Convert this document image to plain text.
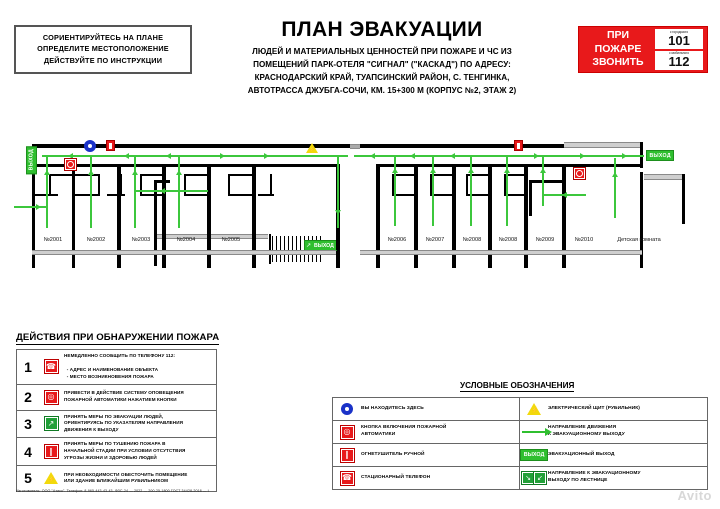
СОРИЕНТИРУЙТЕСЬ НА ПЛАНЕ
ОПРЕДЕЛИТЕ МЕСТОПОЛОЖЕНИЕ
ДЕЙСТВУЙТЕ ПО ИНСТРУКЦИИ
ПЛАН ЭВАКУАЦИИ
ЛЮДЕЙ И МАТЕРИАЛЬНЫХ ЦЕННОСТЕЙ ПРИ ПОЖАРЕ И ЧС ИЗ
ПОМЕЩЕНИЙ ПАРК-ОТЕЛЯ "СИГНАЛ" ("КАСКАД") ПО АДРЕСУ:
КРАСНОДАРСКИЙ КРАЙ, ТУАПСИНСКИЙ РАЙОН, С. ТЕНГИНКА,
АВТОТРАССА ДЖУБГА-СОЧИ, КМ. 15+300 М (КОРПУС №2, ЭТАЖ 2)
ПРИ
ПОЖАРЕ
ЗВОНИТЬ
с городского
101
с мобильного
112
ВЫХОД	ВЫХОД
↗ ВЫХОД
⚡
№2001	№2002	№2003	№2004	№2005	№2006	№2007	№2008	№2008	№2009	№2010	Детская комната
ДЕЙСТВИЯ ПРИ ОБНАРУЖЕНИИ ПОЖАРА
1	☎
НЕМЕДЛЕННО СООБЩИТЬ ПО ТЕЛЕФОНУ 112:

- АДРЕС И НАИМЕНОВАНИЕ ОБЪЕКТА
- МЕСТО ВОЗНИКНОВЕНИЯ ПОЖАРА
2	◎ ПРИВЕСТИ В ДЕЙСТВИЕ СИСТЕМУ ОПОВЕЩЕНИЯ
ПОЖАРНОЙ АВТОМАТИКИ НАЖАТИЕМ КНОПКИ
3	↗
ПРИНЯТЬ МЕРЫ ПО ЭВАКУАЦИИ ЛЮДЕЙ,
ОРИЕНТИРУЯСЬ ПО УКАЗАТЕЛЯМ НАПРАВЛЕНИЯ
ДВИЖЕНИЯ К ВЫХОДУ
4	❙
ПРИНЯТЬ МЕРЫ ПО ТУШЕНИЮ ПОЖАРА В
НАЧАЛЬНОЙ СТАДИИ ПРИ УСЛОВИИ ОТСУТСТВИЯ
УГРОЗЫ ЖИЗНИ И ЗДОРОВЬЮ ЛЮДЕЙ
5 ⚡	ПРИ НЕОБХОДИМОСТИ ОБЕСТОЧИТЬ ПОМЕЩЕНИЕ
ИЛИ ЗДАНИЕ БЛИЖАЙШИМ РУБИЛЬНИКОМ
УСЛОВНЫЕ ОБОЗНАЧЕНИЯ
ВЫ НАХОДИТЕСЬ ЗДЕСЬ
◎ КНОПКА ВКЛЮЧЕНИЯ ПОЖАРНОЙ
АВТОМАТИКИ
❙ ОГНЕТУШИТЕЛЬ РУЧНОЙ
☎ СТАЦИОНАРНЫЙ ТЕЛЕФОН
⚡
ЭЛЕКТРИЧЕСКИЙ ЩИТ (РУБИЛЬНИК)
НАПРАВЛЕНИЕ ДВИЖЕНИЯ
К ЭВАКУАЦИОННОМУ ВЫХОДУ
ВЫХОД ЭВАКУАЦИОННЫЙ ВЫХОД
↘ ↙
НАПРАВЛЕНИЕ К ЭВАКУАЦИОННОМУ
ВЫХОДУ ПО ЛЕСТНИЦЕ
Изготовитель: ООО "Атико". Телефон: 8-965-443-43-43. ФЗС-24 — 2022 — 200-25-1800 ГОСТ 34428-2018 — I	Avito
